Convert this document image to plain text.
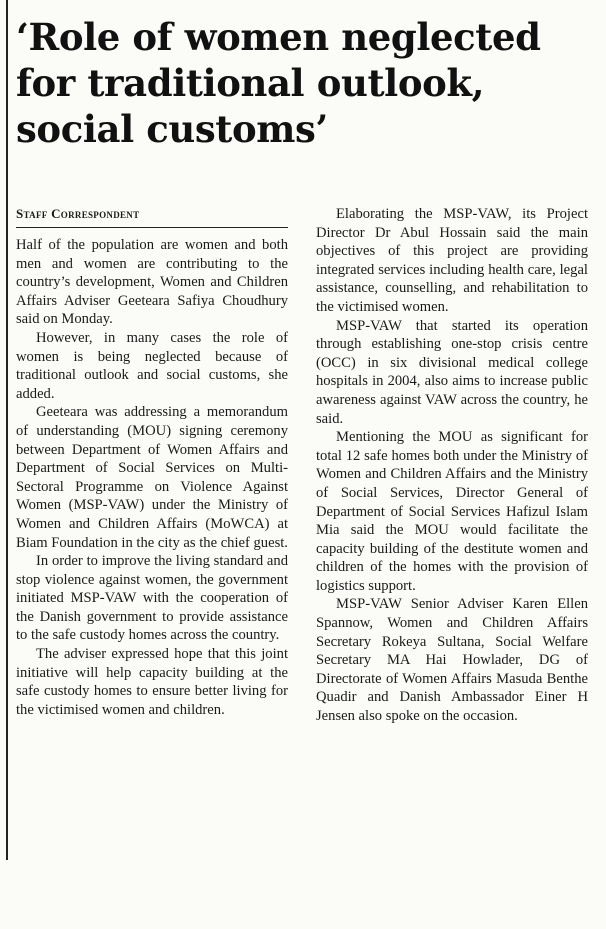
‘Role of women neglected
for traditional outlook,
social customs’
Staff Correspondent

Half of the population are women and both men and women are contributing to the country’s development, Women and Children Affairs Adviser Geeteara Safiya Choudhury said on Monday.

However, in many cases the role of women is being neglected because of traditional outlook and social customs, she added.

Geeteara was addressing a memorandum of understanding (MOU) signing ceremony between Department of Women Affairs and Department of Social Services on Multi-Sectoral Programme on Violence Against Women (MSP-VAW) under the Ministry of Women and Children Affairs (MoWCA) at Biam Foundation in the city as the chief guest.

In order to improve the living standard and stop violence against women, the government initiated MSP-VAW with the cooperation of the Danish government to provide assistance to the safe custody homes across the country.

The adviser expressed hope that this joint initiative will help capacity building at the safe custody homes to ensure better living for the victimised women and children.

Elaborating the MSP-VAW, its Project Director Dr Abul Hossain said the main objectives of this project are providing integrated services including health care, legal assistance, counselling, and rehabilitation to the victimised women.

MSP-VAW that started its operation through establishing one-stop crisis centre (OCC) in six divisional medical college hospitals in 2004, also aims to increase public awareness against VAW across the country, he said.

Mentioning the MOU as significant for total 12 safe homes both under the Ministry of Women and Children Affairs and the Ministry of Social Services, Director General of Department of Social Services Hafizul Islam Mia said the MOU would facilitate the capacity building of the destitute women and children of the homes with the provision of logistics support.

MSP-VAW Senior Adviser Karen Ellen Spannow, Women and Children Affairs Secretary Rokeya Sultana, Social Welfare Secretary MA Hai Howlader, DG of Directorate of Women Affairs Masuda Benthe Quadir and Danish Ambassador Einer H Jensen also spoke on the occasion.
